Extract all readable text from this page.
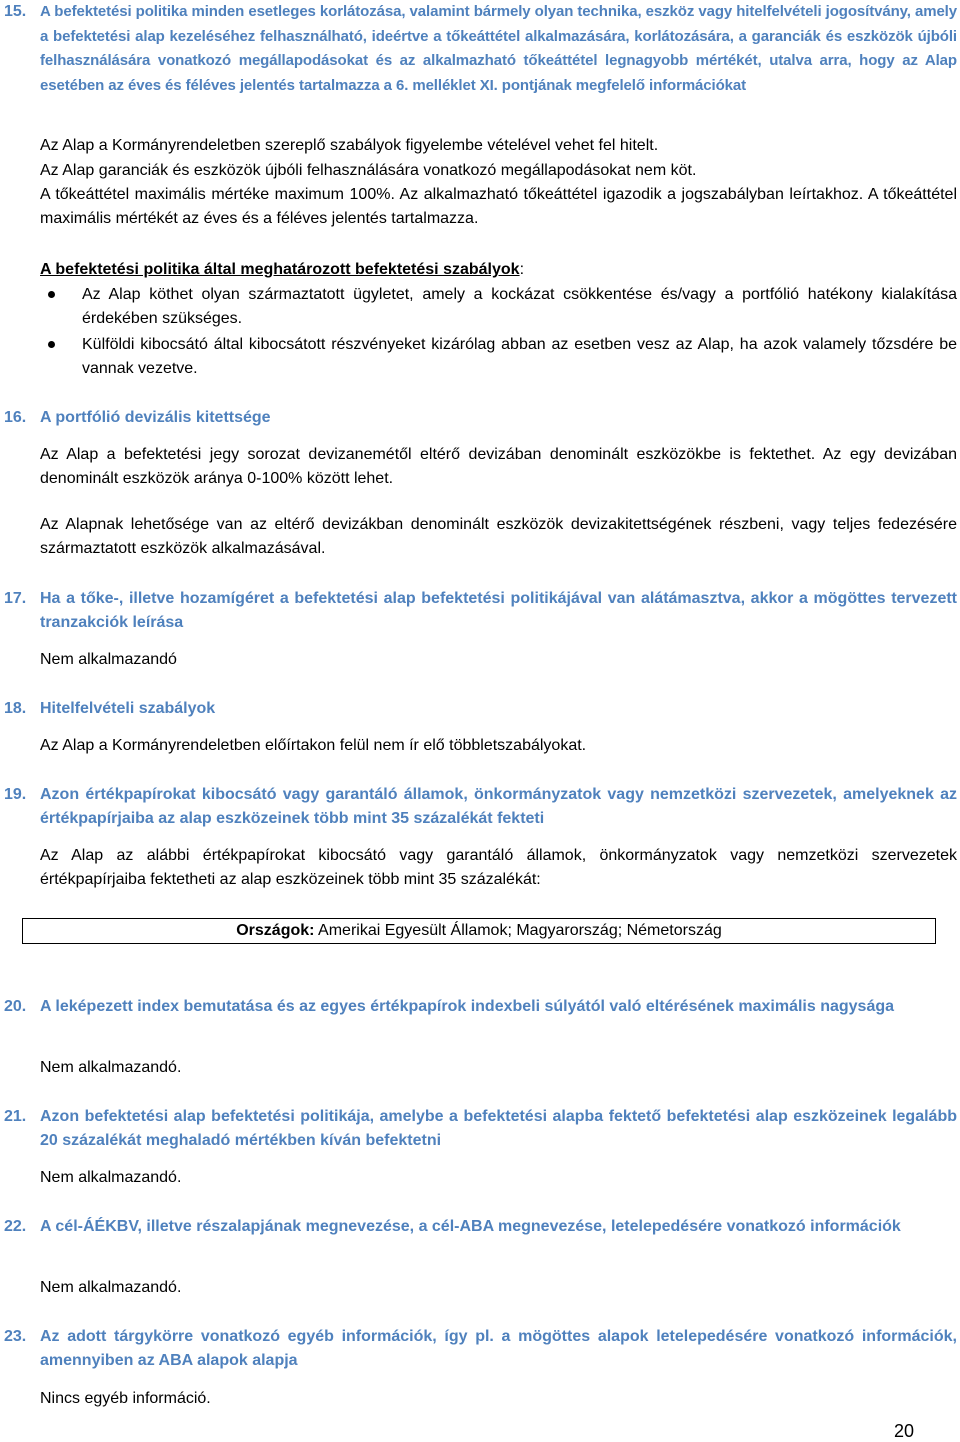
15. A befektetési politika minden esetleges korlátozása, valamint bármely olyan technika, eszköz vagy hitelfelvételi jogosítvány, amely a befektetési alap kezeléséhez felhasználható, ideértve a tőkeáttétel alkalmazására, korlátozására, a garanciák és eszközök újbóli felhasználására vonatkozó megállapodásokat és az alkalmazható tőkeáttétel legnagyobb mértékét, utalva arra, hogy az Alap esetében az éves és féléves jelentés tartalmazza a 6. melléklet XI. pontjának megfelelő információkat
Az Alap a Kormányrendeletben szereplő szabályok figyelembe vételével vehet fel hitelt.
Az Alap garanciák és eszközök újbóli felhasználására vonatkozó megállapodásokat nem köt.
A tőkeáttétel maximális mértéke maximum 100%. Az alkalmazható tőkeáttétel igazodik a jogszabályban leírtakhoz. A tőkeáttétel maximális mértékét az éves és a féléves jelentés tartalmazza.
A befektetési politika által meghatározott befektetési szabályok:
Az Alap köthet olyan származtatott ügyletet, amely a kockázat csökkentése és/vagy a portfólió hatékony kialakítása érdekében szükséges.
Külföldi kibocsátó által kibocsátott részvényeket kizárólag abban az esetben vesz az Alap, ha azok valamely tőzsdére be vannak vezetve.
16. A portfólió devizális kitettsége
Az Alap a befektetési jegy sorozat devizanemétől eltérő devizában denominált eszközökbe is fektethet. Az egy devizában denominált eszközök aránya 0-100% között lehet.
Az Alapnak lehetősége van az eltérő devizákban denominált eszközök devizakitettségének részbeni, vagy teljes fedezésére származtatott eszközök alkalmazásával.
17. Ha a tőke-, illetve hozamígéret a befektetési alap befektetési politikájával van alátámasztva, akkor a mögöttes tervezett tranzakciók leírása
Nem alkalmazandó
18. Hitelfelvételi szabályok
Az Alap a Kormányrendeletben előírtakon felül nem ír elő többletszabályokat.
19. Azon értékpapírokat kibocsátó vagy garantáló államok, önkormányzatok vagy nemzetközi szervezetek, amelyeknek az értékpapírjaiba az alap eszközeinek több mint 35 százalékát fekteti
Az Alap az alábbi értékpapírokat kibocsátó vagy garantáló államok, önkormányzatok vagy nemzetközi szervezetek értékpapírjaiba fektetheti az alap eszközeinek több mint 35 százalékát:
Országok: Amerikai Egyesült Államok; Magyarország; Németország
20. A leképezett index bemutatása és az egyes értékpapírok indexbeli súlyától való eltérésének maximális nagysága
Nem alkalmazandó.
21. Azon befektetési alap befektetési politikája, amelybe a befektetési alapba fektető befektetési alap eszközeinek legalább 20 százalékát meghaladó mértékben kíván befektetni
Nem alkalmazandó.
22. A cél-ÁÉKBV, illetve részalapjának megnevezése, a cél-ABA megnevezése, letelepedésére vonatkozó információk
Nem alkalmazandó.
23. Az adott tárgykörre vonatkozó egyéb információk, így pl. a mögöttes alapok letelepedésére vonatkozó információk, amennyiben az ABA alapok alapja
Nincs egyéb információ.
20
